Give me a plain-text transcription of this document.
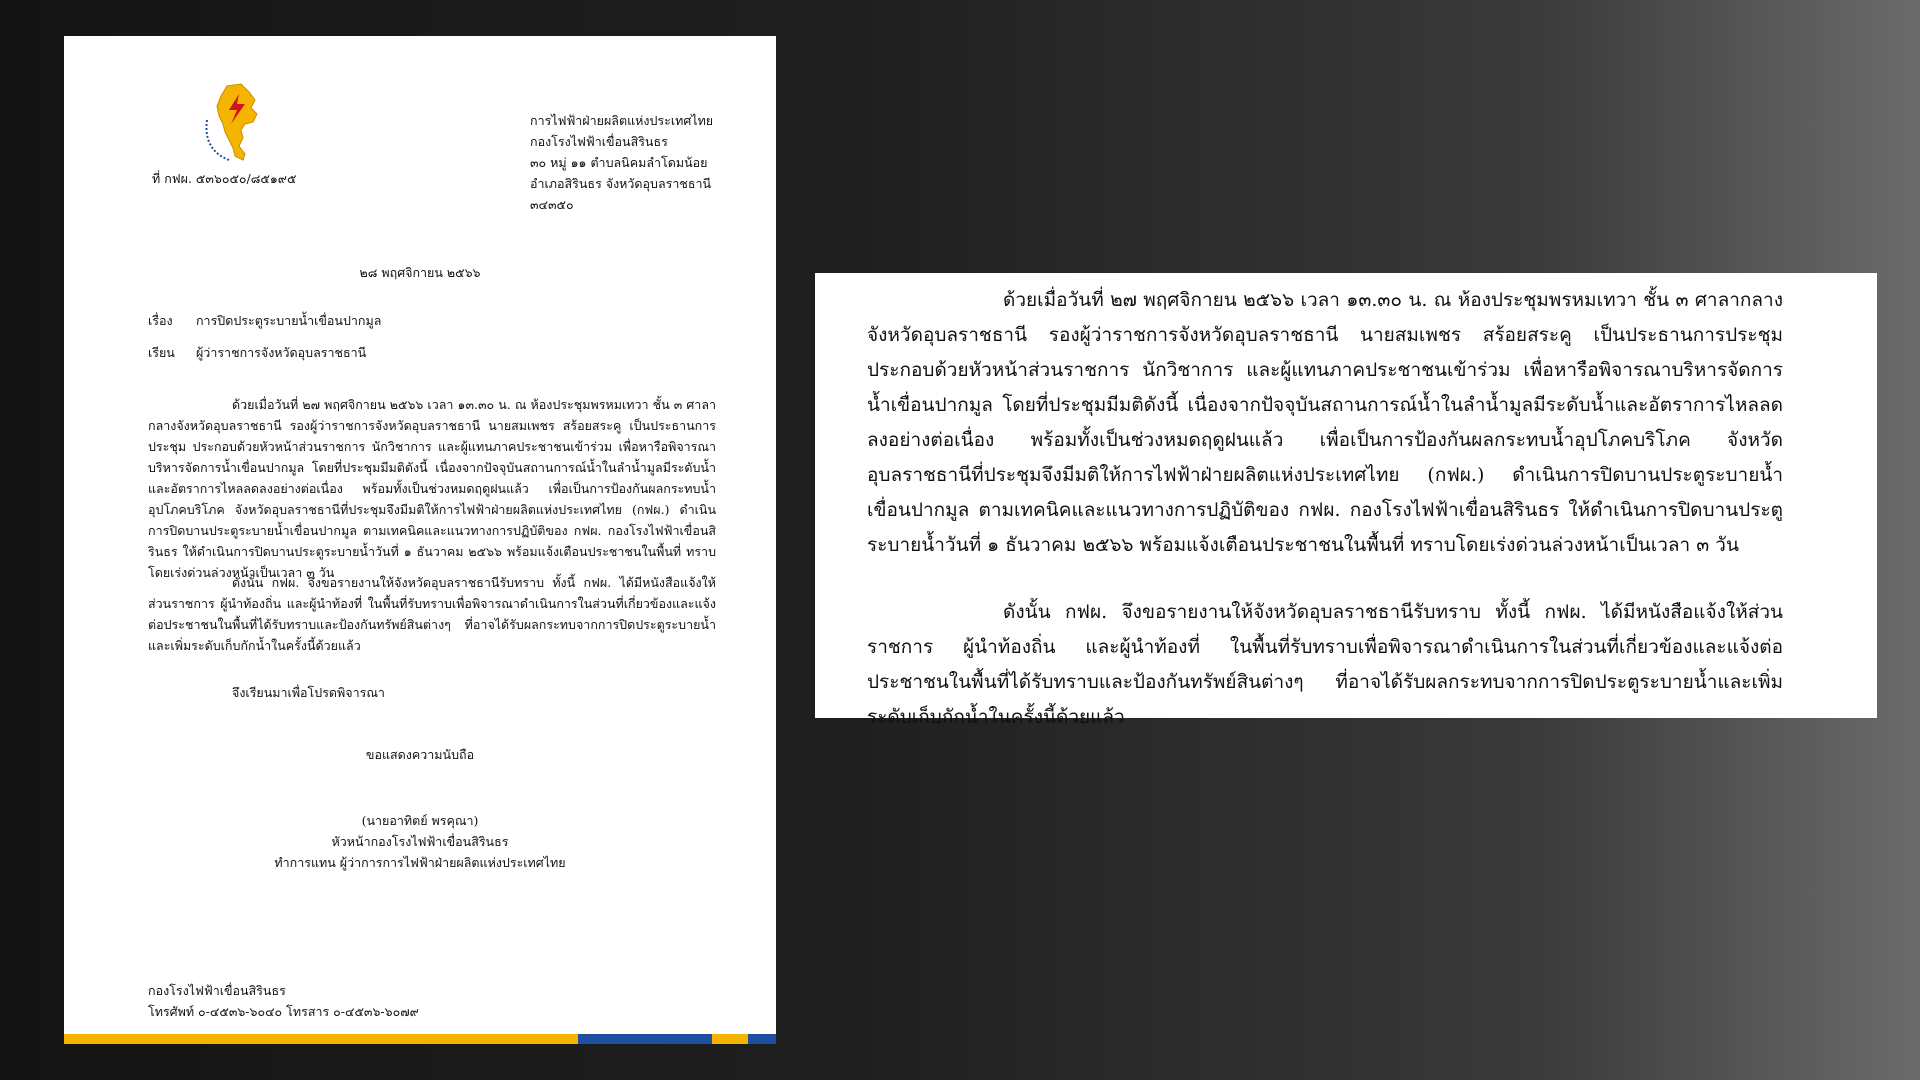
ที่ กฟผ. ๕๓๖๐๕๐/๘๕๑๙๕
การไฟฟ้าฝ่ายผลิตแห่งประเทศไทย
กองโรงไฟฟ้าเขื่อนสิรินธร
๓๐ หมู่ ๑๑ ตำบลนิคมลำโดมน้อย
อำเภอสิรินธร จังหวัดอุบลราชธานี
๓๔๓๕๐
๒๘ พฤศจิกายน ๒๕๖๖
เรื่อง การปิดประตูระบายน้ำเขื่อนปากมูล
เรียน ผู้ว่าราชการจังหวัดอุบลราชธานี
ด้วยเมื่อวันที่ ๒๗ พฤศจิกายน ๒๕๖๖ เวลา ๑๓.๓๐ น. ณ ห้องประชุมพรหมเทวา ชั้น ๓ ศาลากลางจังหวัดอุบลราชธานี รองผู้ว่าราชการจังหวัดอุบลราชธานี นายสมเพชร สร้อยสระคู เป็นประธานการประชุม ประกอบด้วยหัวหน้าส่วนราชการ นักวิชาการ และผู้แทนภาคประชาชนเข้าร่วม เพื่อหารือพิจารณาบริหารจัดการน้ำเขื่อนปากมูล โดยที่ประชุมมีมติดังนี้ เนื่องจากปัจจุบันสถานการณ์น้ำในลำน้ำมูลมีระดับน้ำและอัตราการไหลลดลงอย่างต่อเนื่อง พร้อมทั้งเป็นช่วงหมดฤดูฝนแล้ว เพื่อเป็นการป้องกันผลกระทบน้ำอุปโภคบริโภค จังหวัดอุบลราชธานีที่ประชุมจึงมีมติให้การไฟฟ้าฝ่ายผลิตแห่งประเทศไทย (กฟผ.) ดำเนินการปิดบานประตูระบายน้ำเขื่อนปากมูล ตามเทคนิคและแนวทางการปฏิบัติของ กฟผ. กองโรงไฟฟ้าเขื่อนสิรินธร ให้ดำเนินการปิดบานประตูระบายน้ำวันที่ ๑ ธันวาคม ๒๕๖๖ พร้อมแจ้งเตือนประชาชนในพื้นที่ ทราบโดยเร่งด่วนล่วงหน้าเป็นเวลา ๓ วัน
ดังนั้น กฟผ. จึงขอรายงานให้จังหวัดอุบลราชธานีรับทราบ ทั้งนี้ กฟผ. ได้มีหนังสือแจ้งให้ส่วนราชการ ผู้นำท้องถิ่น และผู้นำท้องที่ ในพื้นที่รับทราบเพื่อพิจารณาดำเนินการในส่วนที่เกี่ยวข้องและแจ้งต่อประชาชนในพื้นที่ได้รับทราบและป้องกันทรัพย์สินต่างๆ ที่อาจได้รับผลกระทบจากการปิดประตูระบายน้ำและเพิ่มระดับเก็บกักน้ำในครั้งนี้ด้วยแล้ว
จึงเรียนมาเพื่อโปรดพิจารณา
ขอแสดงความนับถือ
(นายอาทิตย์ พรคุณา)
หัวหน้ากองโรงไฟฟ้าเขื่อนสิรินธร
ทำการแทน ผู้ว่าการการไฟฟ้าฝ่ายผลิตแห่งประเทศไทย
กองโรงไฟฟ้าเขื่อนสิรินธร
โทรศัพท์ ๐-๔๕๓๖-๖๐๔๐ โทรสาร ๐-๔๕๓๖-๖๐๗๙

ด้วยเมื่อวันที่ ๒๗ พฤศจิกายน ๒๕๖๖ เวลา ๑๓.๓๐ น. ณ ห้องประชุมพรหมเทวา ชั้น ๓ ศาลากลางจังหวัดอุบลราชธานี รองผู้ว่าราชการจังหวัดอุบลราชธานี นายสมเพชร สร้อยสระคู เป็นประธานการประชุมประกอบด้วยหัวหน้าส่วนราชการ นักวิชาการ และผู้แทนภาคประชาชนเข้าร่วม เพื่อหารือพิจารณาบริหารจัดการน้ำเขื่อนปากมูล โดยที่ประชุมมีมติดังนี้ เนื่องจากปัจจุบันสถานการณ์น้ำในลำน้ำมูลมีระดับน้ำและอัตราการไหลลดลงอย่างต่อเนื่อง พร้อมทั้งเป็นช่วงหมดฤดูฝนแล้ว เพื่อเป็นการป้องกันผลกระทบน้ำอุปโภคบริโภค จังหวัดอุบลราชธานีที่ประชุมจึงมีมติให้การไฟฟ้าฝ่ายผลิตแห่งประเทศไทย (กฟผ.) ดำเนินการปิดบานประตูระบายน้ำเขื่อนปากมูล ตามเทคนิคและแนวทางการปฏิบัติของ กฟผ. กองโรงไฟฟ้าเขื่อนสิรินธร ให้ดำเนินการปิดบานประตูระบายน้ำวันที่ ๑ ธันวาคม ๒๕๖๖ พร้อมแจ้งเตือนประชาชนในพื้นที่ ทราบโดยเร่งด่วนล่วงหน้าเป็นเวลา ๓ วัน

ดังนั้น กฟผ. จึงขอรายงานให้จังหวัดอุบลราชธานีรับทราบ ทั้งนี้ กฟผ. ได้มีหนังสือแจ้งให้ส่วนราชการ ผู้นำท้องถิ่น และผู้นำท้องที่ ในพื้นที่รับทราบเพื่อพิจารณาดำเนินการในส่วนที่เกี่ยวข้องและแจ้งต่อประชาชนในพื้นที่ได้รับทราบและป้องกันทรัพย์สินต่างๆ ที่อาจได้รับผลกระทบจากการปิดประตูระบายน้ำและเพิ่มระดับเก็บกักน้ำในครั้งนี้ด้วยแล้ว
